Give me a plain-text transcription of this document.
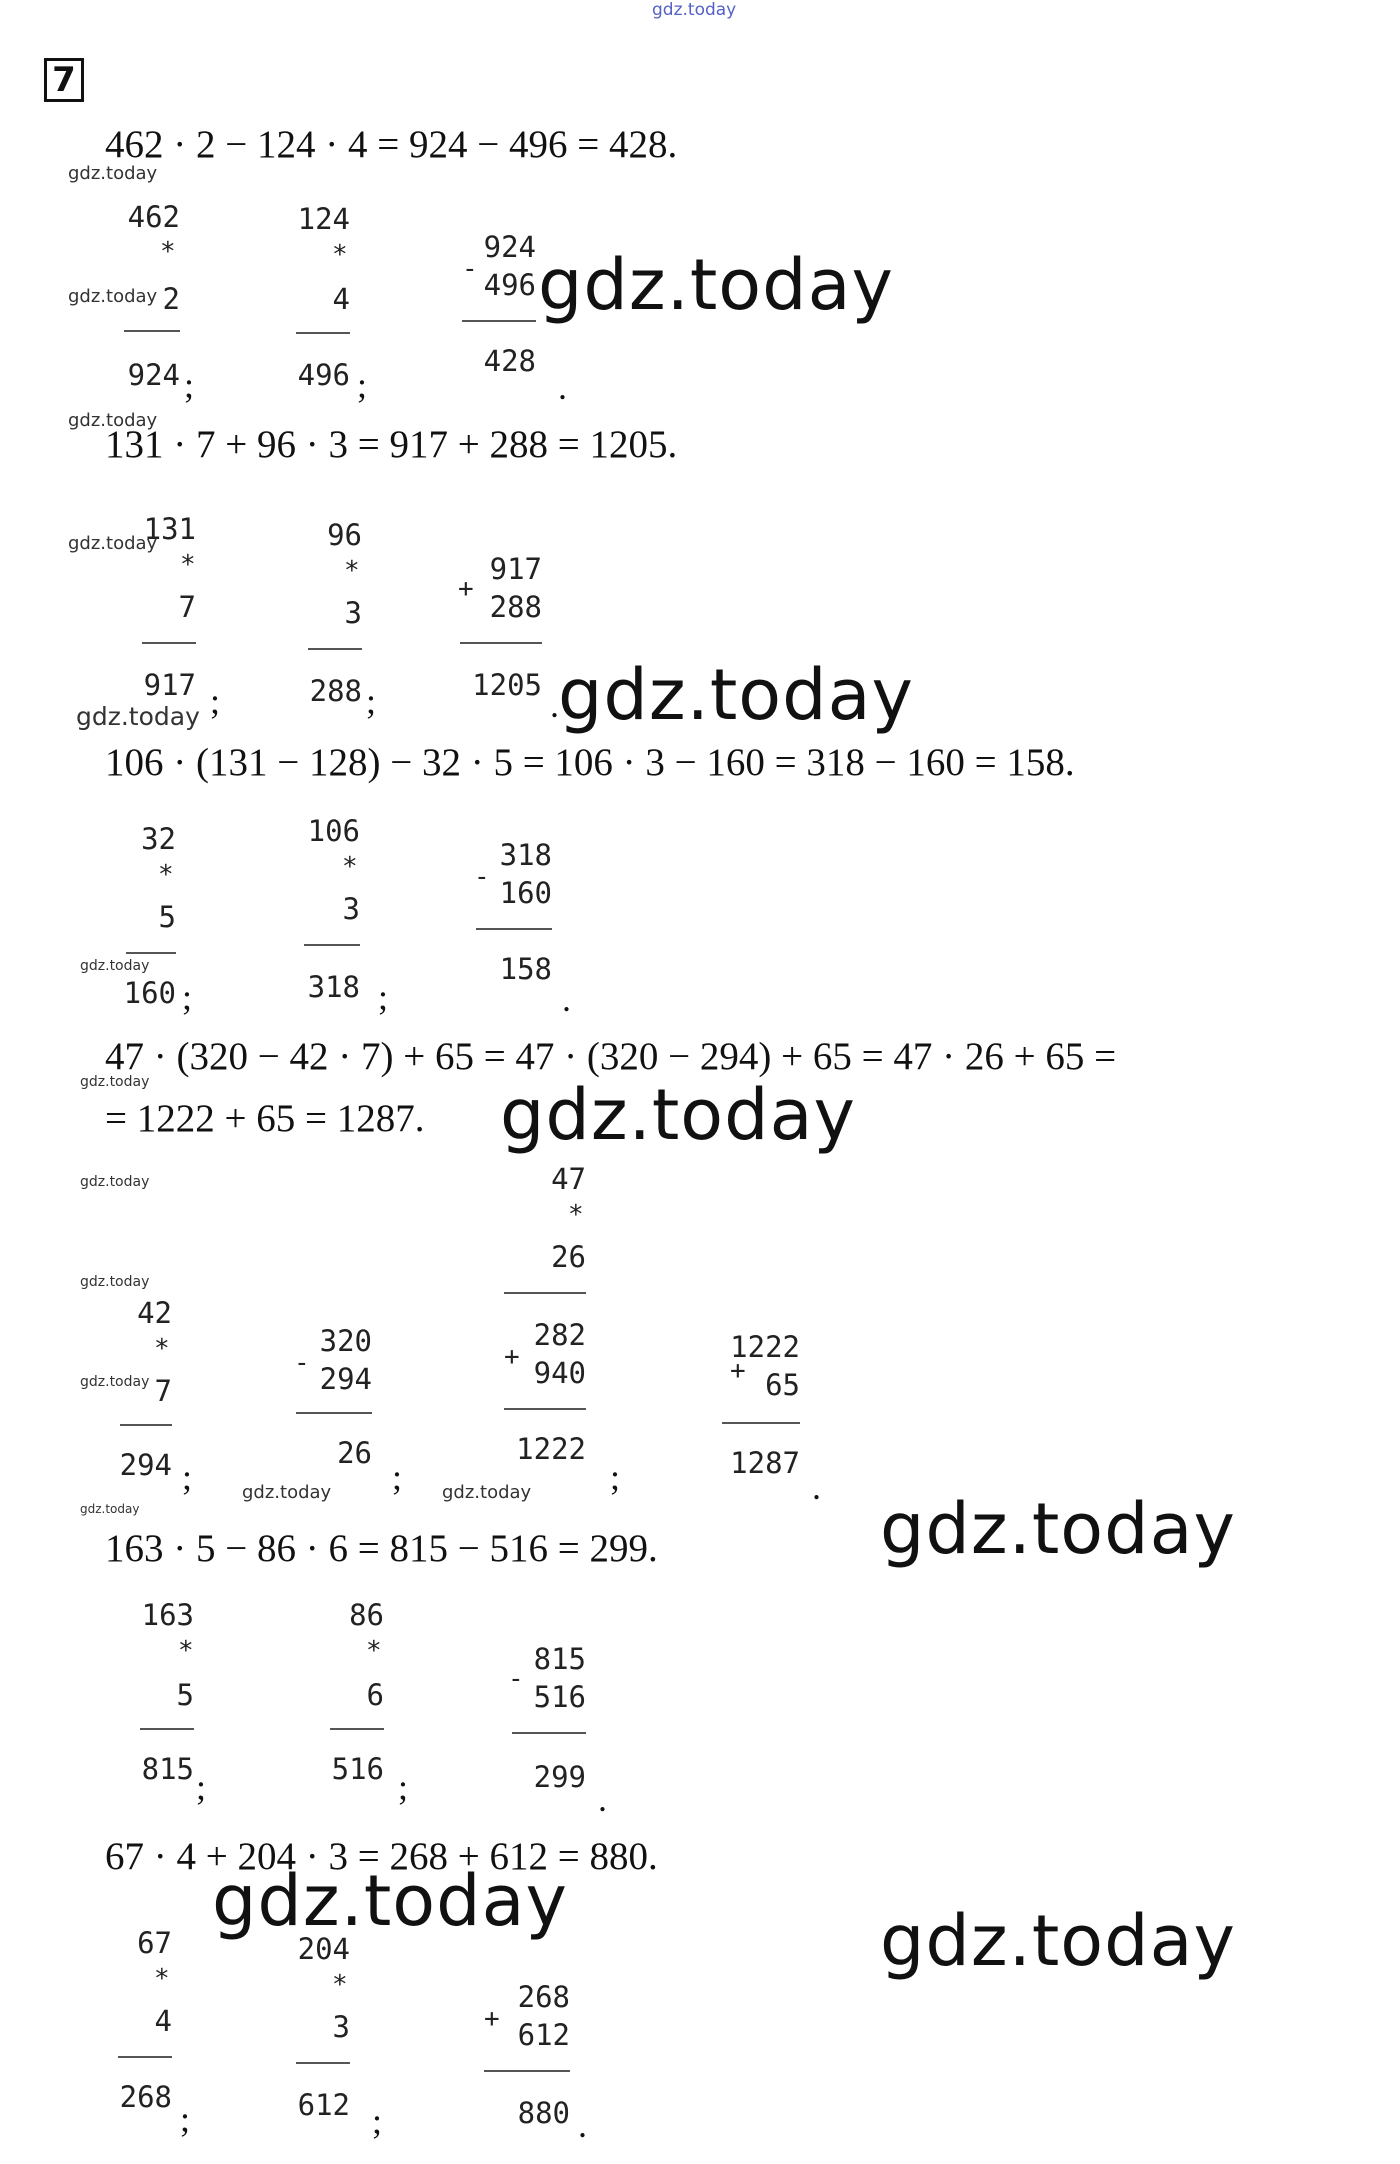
gdz.today
7
462 · 2 − 124 · 4 = 924 − 496 = 428.
462
*
2
924 ;
124
*
4
496 ;
-
924
496
428
.
gdz.today
gdz.today
gdz.today
gdz.today
131 · 7 + 96 · 3 = 917 + 288 = 1205.
131
gdz.today
*
7
917 ;
gdz.today
96
*
3
288 ;
+
917
288
1205 . gdz.today
106 · (131 − 128) − 32 · 5 = 106 · 3 − 160 = 318 − 160 = 158.
32
*
5
gdz.today
160 ;
106
*
3
318 ;
-
318
160
158
.
47 · (320 − 42 · 7) + 65 = 47 · (320 − 294) + 65 = 47 · 26 + 65 =
gdz.today
= 1222 + 65 = 1287. gdz.today
gdz.today	47
*
26
+
282
940
1222
;
gdz.today
42
*
gdz.today 7
294 ;
-
320
294
26
;
gdz.today	gdz.today
1222
+ 65
1287
.
gdz.today
163 · 5 − 86 · 6 = 815 − 516 = 299.	gdz.today
163
*
5
815 ;
86
*
6
516 ;
-
815
516
299
.
67 · 4 + 204 · 3 = 268 + 612 = 880.
gdz.today	gdz.today
67
*
4
268
;
204
*
3
612 ;
+
268
612
880 .
